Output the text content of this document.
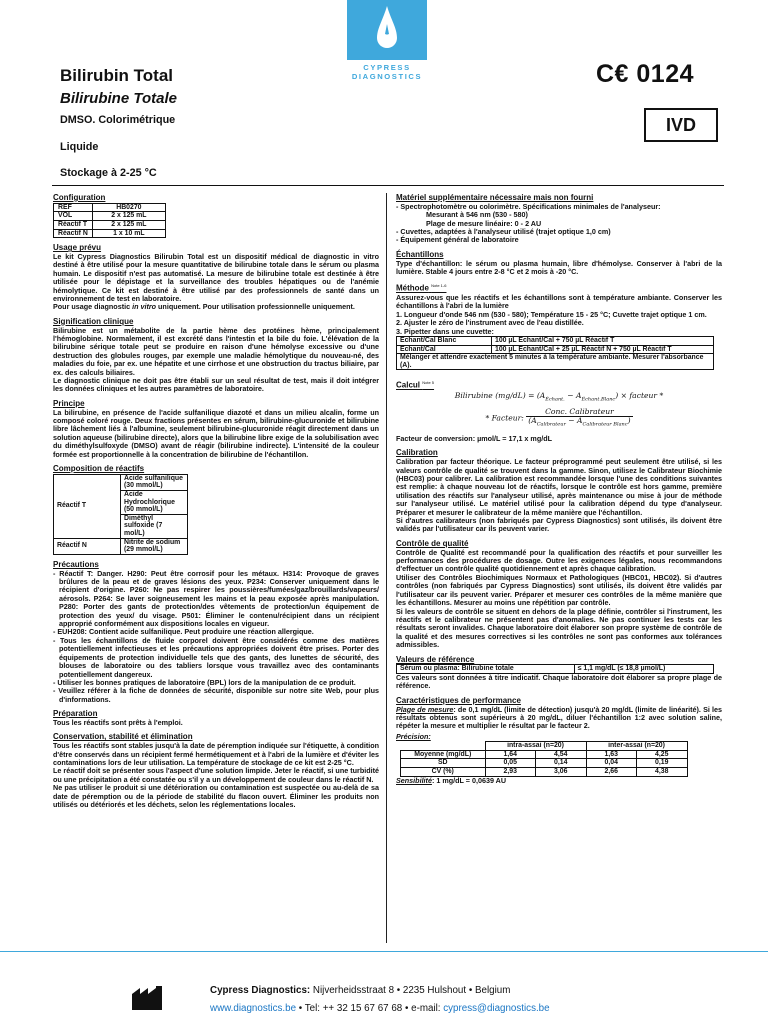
CYPRESS
DIAGNOSTICS
Bilirubin Total
Bilirubine Totale
DMSO. Colorimétrique
Liquide
Stockage à 2-25 °C
C€ 0124
IVD
Configuration
REF	HB0270
VOL	2 x 125 mL
Réactif T	2 x 125 mL
Réactif N	1 x 10 mL
Usage prévu
Le kit Cypress Diagnostics Bilirubin Total est un dispositif médical de diagnostic in vitro destiné à être utilisé pour la mesure quantitative de bilirubine totale dans le sérum ou plasma humain. Le dispositif n'est pas automatisé. La mesure de bilirubine totale est destinée à être utilisée pour le dépistage et la surveillance des troubles hépatiques ou de l'anémie hémolytique. Ce kit est destiné à être utilisé par des professionnels de santé dans un environnement de test en laboratoire.
Pour usage diagnostic in vitro uniquement. Pour utilisation professionnelle uniquement.
Signification clinique
Bilirubine est un métabolite de la partie hème des protéines hème, principalement l'hémoglobine. Normalement, il est excrété dans l'intestin et la bile du foie. L'élévation de la bilirubine sérique totale peut se produire en raison d'une hémolyse excessive ou d'une destruction des globules rouges, par exemple une maladie hémolytique du nouveau-né, des maladies du foie, par ex. une hépatite et une cirrhose et une obstruction du tractus biliaire, par ex. des calculs biliaires.
Le diagnostic clinique ne doit pas être établi sur un seul résultat de test, mais il doit intégrer les données cliniques et les autres paramètres de laboratoire.
Principe
La bilirubine, en présence de l'acide sulfanilique diazoté et dans un milieu alcalin, forme un composé coloré rouge. Deux fractions présentes en sérum, bilirubine-glucuronide et bilirubine libre lâchement liés à l'albumine, seulement bilirubine-glucuronide réagit directement dans un solution aqueuse (bilirubine directe), alors que la bilirubine libre exige de la solubilisation avec du diméthylsulfoxyde (DMSO) avant de réagir (bilirubine indirecte). L'intensité de la couleur formée est proportionnelle à la concentration de bilirubine de l'échantillon.
Composition de réactifs
Réactif T	Acide sulfanilique (30 mmol/L)
	Acide Hydrochlorique (50 mmol/L)
	Diméthyl sulfoxide (7 mol/L)
Réactif N	Nitrite de sodium (29 mmol/L)
Précautions
- Réactif T: Danger. H290: Peut être corrosif pour les métaux. H314: Provoque de graves brûlures de la peau et de graves lésions des yeux. P234: Conserver uniquement dans le récipient d'origine. P260: Ne pas respirer les poussières/fumées/gaz/brouillards/vapeurs/ aérosols. P264: Se laver soigneusement les mains et la peau exposée après manipulation. P280: Porter des gants de protection/des vêtements de protection/un équipement de protection des yeux/ du visage. P501: Éliminer le contenu/récipient dans un récipient approprié conformément aux dispositions locales en vigueur.
- EUH208: Contient acide sulfanilique. Peut produire une réaction allergique.
- Tous les échantillons de fluide corporel doivent être considérés comme des matières potentiellement infectieuses et les précautions appropriées doivent être prises. Porter des équipements de protection individuelle tels que des gants, des lunettes de sécurité, des blouses de laboratoire ou des tabliers lorsque vous travaillez avec des contaminants potentiellement dangereux.
- Utiliser les bonnes pratiques de laboratoire (BPL) lors de la manipulation de ce produit.
- Veuillez référer à la fiche de données de sécurité, disponible sur notre site Web, pour plus d'informations.
Préparation
Tous les réactifs sont prêts à l'emploi.
Conservation, stabilité et élimination
Tous les réactifs sont stables jusqu'à la date de péremption indiquée sur l'étiquette, à condition d'être conservés dans un récipient fermé hermétiquement et à l'abri de la lumière et d'éviter les contaminations lors de leur utilisation. La température de stockage de ce kit est 2-25 °C.
Le réactif doit se présenter sous l'aspect d'une solution limpide. Jeter le réactif, si une turbidité ou une précipitation a été constatée ou s'il y a un développement de couleur dans le réactif N.
Ne pas utiliser le produit si une détérioration ou contamination est suspectée ou au-delà de sa date de péremption ou de la période de stabilité du flacon ouvert. Éliminer les produits non utilisés ou détériorés et les déchets, selon les réglementations locales.
Matériel supplémentaire nécessaire mais non fourni
- Spectrophotomètre ou colorimètre. Spécifications minimales de l'analyseur:
Mesurant à 546 nm (530 - 580)
Plage de mesure linéaire: 0 - 2 AU
- Cuvettes, adaptées à l'analyseur utilisé (trajet optique 1,0 cm)
- Équipement général de laboratoire
Échantillons
Type d'échantillon: le sérum ou plasma humain, libre d'hémolyse. Conserver à l'abri de la lumière. Stable 4 jours entre 2-8 °C et 2 mois à -20 °C.
Méthode $^{Note 1-6}$
Assurez-vous que les réactifs et les échantillons sont à température ambiante. Conserver les échantillons à l'abri de la lumière
1. Longueur d'onde 546 nm (530 - 580); Température 15 - 25 °C; Cuvette trajet optique 1 cm.
2. Ajuster le zéro de l'instrument avec de l'eau distillée.
3. Pipetter dans une cuvette:
Echant/Cal Blanc	100 µL Echant/Cal + 750 µL Réactif T
Echant/Cal	100 µL Echant/Cal + 25 µL Réactif N + 750 µL Réactif T
Mélanger et attendre exactement 5 minutes à la température ambiante. Mesurer l'absorbance (A).	
Calcul $^{Note 5}$
Bilirubine $(mg/dL) = (A_{Échant.} - A_{Échant.Blanc})$ × facteur *
* Facteur: $\frac{\text{Conc. Calibrateur}}{(A_{Calibrateur} - A_{Calibrateur Blanc})}$
Facteur de conversion: µmol/L = 17,1 x mg/dL
Calibration
Calibration par facteur théorique. Le facteur préprogrammé peut seulement être utilisé, si les valeurs contrôle de qualité se trouvent dans la gamme. Sinon, utilisez le Calibrateur Biochimie (HBC03) pour calibrer. La calibration est recommandée lorsque l'une des conditions suivantes est remplie: à chaque nouveau lot de réactifs, lorsque le contrôle est hors gamme, première utilisation des réactifs sur l'analyseur utilisé, après maintenance ou mise à jour de méthode sur l'analyseur utilisé. Le matériel utilisé pour la calibration dépend du type d'analyseur. Préparer et mesurer le calibrateur de la même manière que l'échantillon.
Si d'autres calibrateurs (non fabriqués par Cypress Diagnostics) sont utilisés, ils doivent être validés par l'utilisateur car ils peuvent varier.
Contrôle de qualité
Contrôle de Qualité est recommandé pour la qualification des réactifs et pour surveiller les performances des procédures de dosage. Outre les exigences légales, nous recommandons d'effectuer un contrôle qualité quotidiennement et après chaque calibration.
Utiliser des Contrôles Biochimiques Normaux et Pathologiques (HBC01, HBC02). Si d'autres contrôles (non fabriqués par Cypress Diagnostics) sont utilisés, ils doivent être validés par l'utilisateur car ils peuvent varier. Préparer et mesurer ces contrôles de la même manière que les échantillons. Mesurer au moins une répétition par contrôle.
Si les valeurs de contrôle se situent en dehors de la plage définie, contrôler si l'instrument, les réactifs et le calibrateur ne présentent pas d'anomalies. Ne pas continuer les tests car les résultats seront invalides. Chaque laboratoire doit élaborer son propre système de contrôle de la qualité et des mesures correctives si les contrôles ne sont pas conformes aux tolérances admissibles.
Valeurs de référence
Sérum ou plasma: Bilirubine totale	≤ 1,1 mg/dL (≤ 18,8 µmol/L)
Ces valeurs sont données à titre indicatif. Chaque laboratoire doit élaborer sa propre plage de référence.
Caractéristiques de performance
Plage de mesure: de 0,1 mg/dL (limite de détection) jusqu'à 20 mg/dL (limite de linéarité). Si les résultats obtenus sont supérieurs à 20 mg/dL, diluer l'échantillon 1:2 avec solution saline, répéter la mesure et multiplier le résultat par le facteur 2.
Précision:
	intra-assai (n=20)		inter-assai (n=20)	
Moyenne (mg/dL)	1,64	4,54	1,63	4,25
SD	0,05	0,14	0,04	0,19
CV (%)	2,93	3,06	2,66	4,38
Sensibilité: 1 mg/dL = 0,0639 AU
Cypress Diagnostics: Nijverheidsstraat 8 • 2235 Hulshout • Belgium
www.diagnostics.be • Tel: ++ 32 15 67 67 68 • e-mail: cypress@diagnostics.be
